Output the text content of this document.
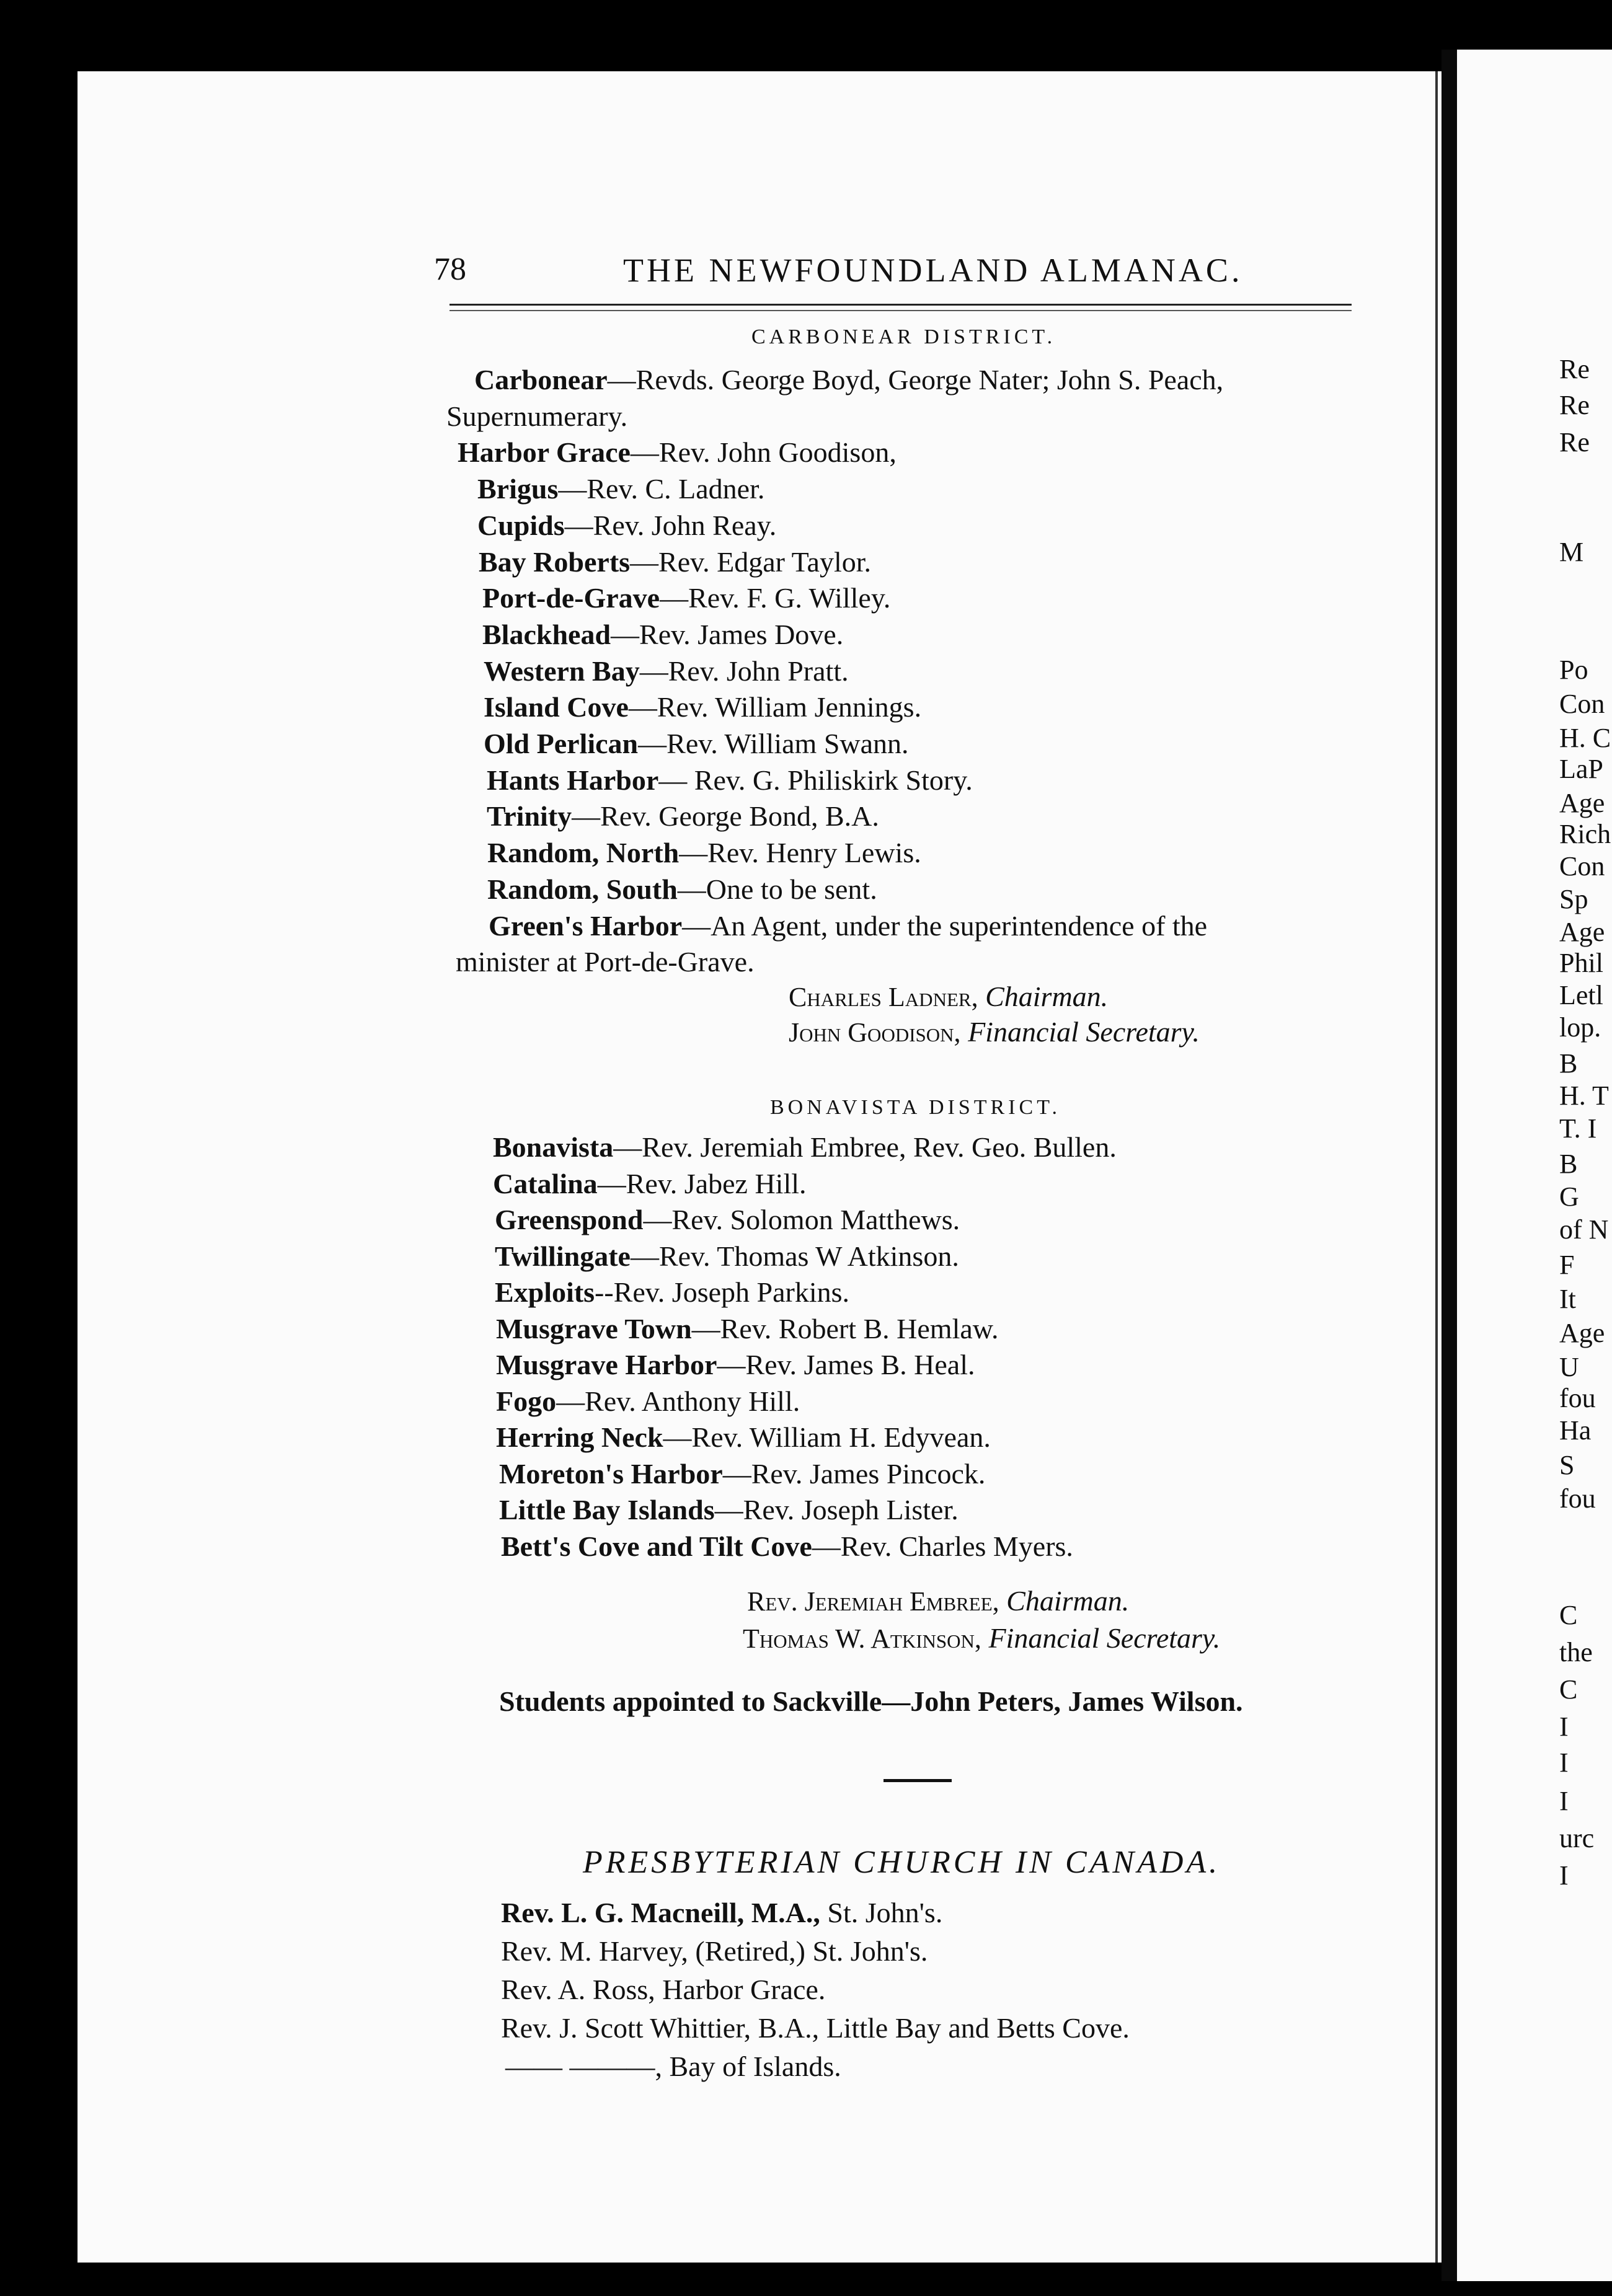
78	THE NEWFOUNDLAND ALMANAC.
CARBONEAR DISTRICT.
Carbonear—Revds. George Boyd, George Nater; John S. Peach,
Supernumerary.
Harbor Grace—Rev. John Goodison,
Brigus—Rev. C. Ladner.
Cupids—Rev. John Reay.
Bay Roberts—Rev. Edgar Taylor.
Port-de-Grave—Rev. F. G. Willey.
Blackhead—Rev. James Dove.
Western Bay—Rev. John Pratt.
Island Cove—Rev. William Jennings.
Old Perlican—Rev. William Swann.
Hants Harbor— Rev. G. Philiskirk Story.
Trinity—Rev. George Bond, B.A.
Random, North—Rev. Henry Lewis.
Random, South—One to be sent.
Green's Harbor—An Agent, under the superintendence of the
minister at Port-de-Grave.
Charles Ladner, Chairman.
John Goodison, Financial Secretary.
BONAVISTA DISTRICT.
Bonavista—Rev. Jeremiah Embree, Rev. Geo. Bullen.
Catalina—Rev. Jabez Hill.
Greenspond—Rev. Solomon Matthews.
Twillingate—Rev. Thomas W Atkinson.
Exploits--Rev. Joseph Parkins.
Musgrave Town—Rev. Robert B. Hemlaw.
Musgrave Harbor—Rev. James B. Heal.
Fogo—Rev. Anthony Hill.
Herring Neck—Rev. William H. Edyvean.
Moreton's Harbor—Rev. James Pincock.
Little Bay Islands—Rev. Joseph Lister.
Bett's Cove and Tilt Cove—Rev. Charles Myers.
Rev. Jeremiah Embree, Chairman.
Thomas W. Atkinson, Financial Secretary.
Students appointed to Sackville—John Peters, James Wilson.
PRESBYTERIAN CHURCH IN CANADA.
Rev. L. G. Macneill, M.A., St. John's.
Rev. M. Harvey, (Retired,) St. John's.
Rev. A. Ross, Harbor Grace.
Rev. J. Scott Whittier, B.A., Little Bay and Betts Cove.
—— ———, Bay of Islands.
Re
Re
Re
M
Po
Con
H. C
LaP
Age
Rich
Con
Sp
Age
Phil
Letl
lop.
B
H. T
T. I
B
G
of N
F
It
Age
U
fou
Ha
S
fou
C
the
C
I
I
I
urc
I
